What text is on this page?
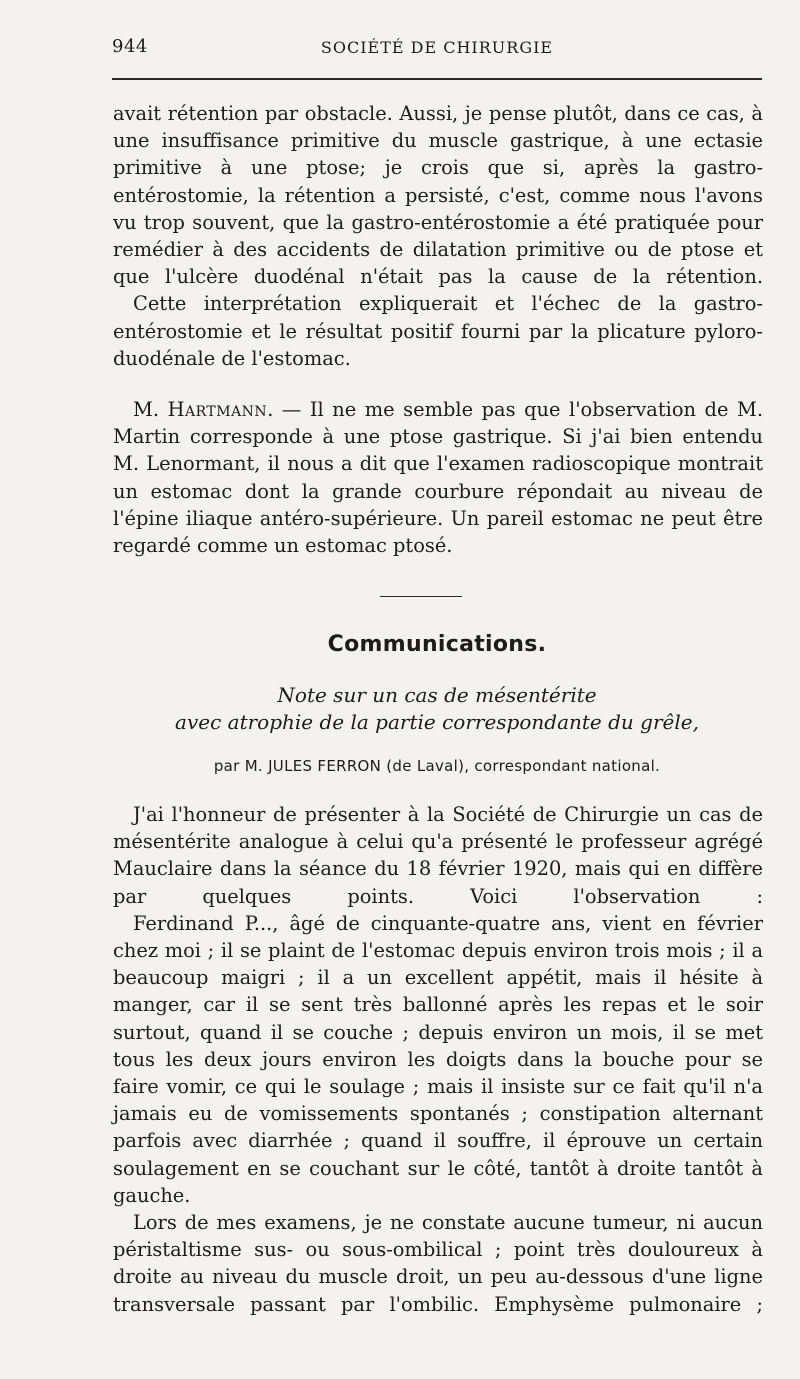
944	SOCIÉTÉ DE CHIRURGIE

avait rétention par obstacle. Aussi, je pense plutôt, dans ce cas, à une insuffisance primitive du muscle gastrique, à une ectasie primitive à une ptose; je crois que si, après la gastro-entérostomie, la rétention a persisté, c'est, comme nous l'avons vu trop souvent, que la gastro-entérostomie a été pratiquée pour remédier à des accidents de dilatation primitive ou de ptose et que l'ulcère duodénal n'était pas la cause de la rétention.

Cette interprétation expliquerait et l'échec de la gastro-entérostomie et le résultat positif fourni par la plicature pyloro-duodénale de l'estomac.

M. Hartmann. — Il ne me semble pas que l'observation de M. Martin corresponde à une ptose gastrique. Si j'ai bien entendu M. Lenormant, il nous a dit que l'examen radioscopique montrait un estomac dont la grande courbure répondait au niveau de l'épine iliaque antéro-supérieure. Un pareil estomac ne peut être regardé comme un estomac ptosé.

Communications.
Note sur un cas de mésentérite
avec atrophie de la partie correspondante du grêle,
par M. JULES FERRON (de Laval), correspondant national.

J'ai l'honneur de présenter à la Société de Chirurgie un cas de mésentérite analogue à celui qu'a présenté le professeur agrégé Mauclaire dans la séance du 18 février 1920, mais qui en diffère par quelques points. Voici l'observation :

Ferdinand P..., âgé de cinquante-quatre ans, vient en février chez moi ; il se plaint de l'estomac depuis environ trois mois ; il a beaucoup maigri ; il a un excellent appétit, mais il hésite à manger, car il se sent très ballonné après les repas et le soir surtout, quand il se couche ; depuis environ un mois, il se met tous les deux jours environ les doigts dans la bouche pour se faire vomir, ce qui le soulage ; mais il insiste sur ce fait qu'il n'a jamais eu de vomissements spontanés ; constipation alternant parfois avec diarrhée ; quand il souffre, il éprouve un certain soulagement en se couchant sur le côté, tantôt à droite tantôt à gauche.

Lors de mes examens, je ne constate aucune tumeur, ni aucun péristaltisme sus- ou sous-ombilical ; point très douloureux à droite au niveau du muscle droit, un peu au-dessous d'une ligne transversale passant par l'ombilic. Emphysème pulmonaire ;
